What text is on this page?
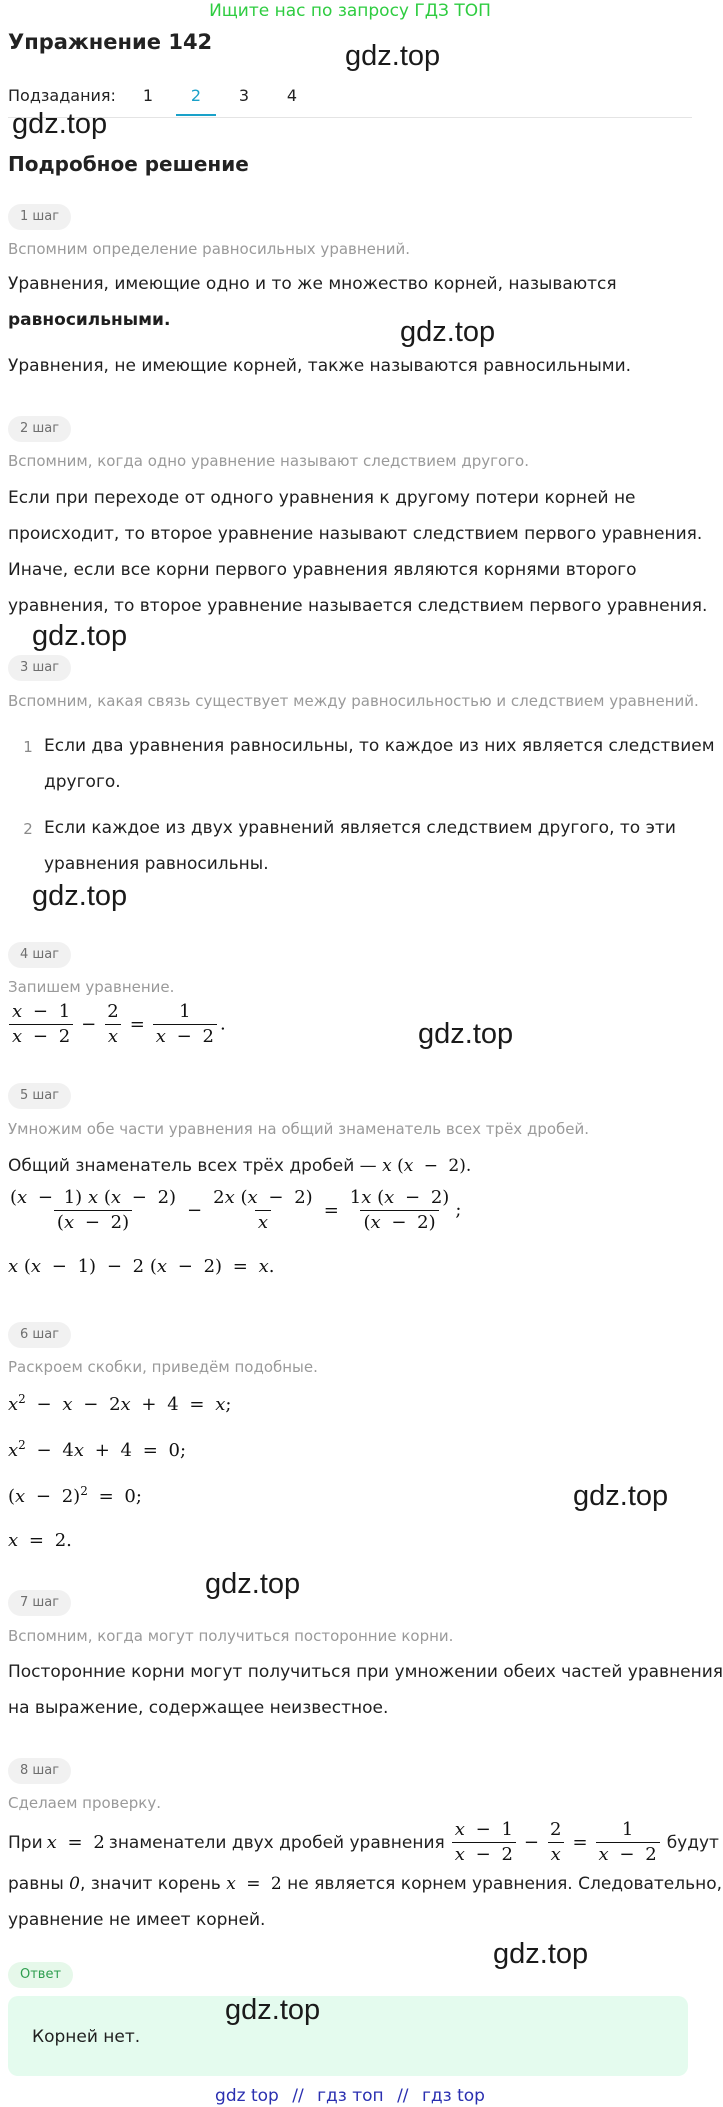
Ищите нас по запросу ГДЗ ТОП
Упражнение 142
Подзадания:	1	2	3	4
Подробное решение
1 шаг
Вспомним определение равносильных уравнений.
Уравнения, имеющие одно и то же множество корней, называются
равносильными.
Уравнения, не имеющие корней, также называются равносильными.
2 шаг
Вспомним, когда одно уравнение называют следствием другого.
Если при переходе от одного уравнения к другому потери корней не
происходит, то второе уравнение называют следствием первого уравнения.
Иначе, если все корни первого уравнения являются корнями второго
уравнения, то второе уравнение называется следствием первого уравнения.
3 шаг
Вспомним, какая связь существует между равносильностью и следствием уравнений.
1 Если два уравнения равносильны, то каждое из них является следствием
другого.
2 Если каждое из двух уравнений является следствием другого, то эти
уравнения равносильны.
4 шаг
Запишем уравнение.
$\frac{x - 1}{x - 2} - \frac{2}{x} = \frac{1}{x - 2}$ .
5 шаг
Умножим обе части уравнения на общий знаменатель всех трёх дробей.
Общий знаменатель всех трёх дробей — x (x − 2).
$\frac{(x - 1) x (x - 2)}{(x - 2)} - \frac{2x (x - 2)}{x} = \frac{1x (x - 2)}{(x - 2)}$ ;
x (x − 1) − 2 (x − 2) = x.
6 шаг
Раскроем скобки, приведём подобные.
$x^2 - x - 2x + 4 = x$;
$x^2 - 4x + 4 = 0$;
$(x - 2)^2 = 0$;
x = 2.
7 шаг
Вспомним, когда могут получиться посторонние корни.
Посторонние корни могут получиться при умножении обеих частей уравнения
на выражение, содержащее неизвестное.
8 шаг
Сделаем проверку.
При x = 2 знаменатели двух дробей уравнения $\frac{x - 1}{x - 2} - \frac{2}{x} = \frac{1}{x - 2}$ будут
равны 0, значит корень x = 2 не является корнем уравнения. Следовательно,
уравнение не имеет корней.
Ответ
Корней нет.
gdz.top
gdz.top
gdz.top
gdz.top
gdz.top
gdz.top
gdz.top
gdz.top
gdz.top
gdz.top
gdz top // гдз топ // гдз top
